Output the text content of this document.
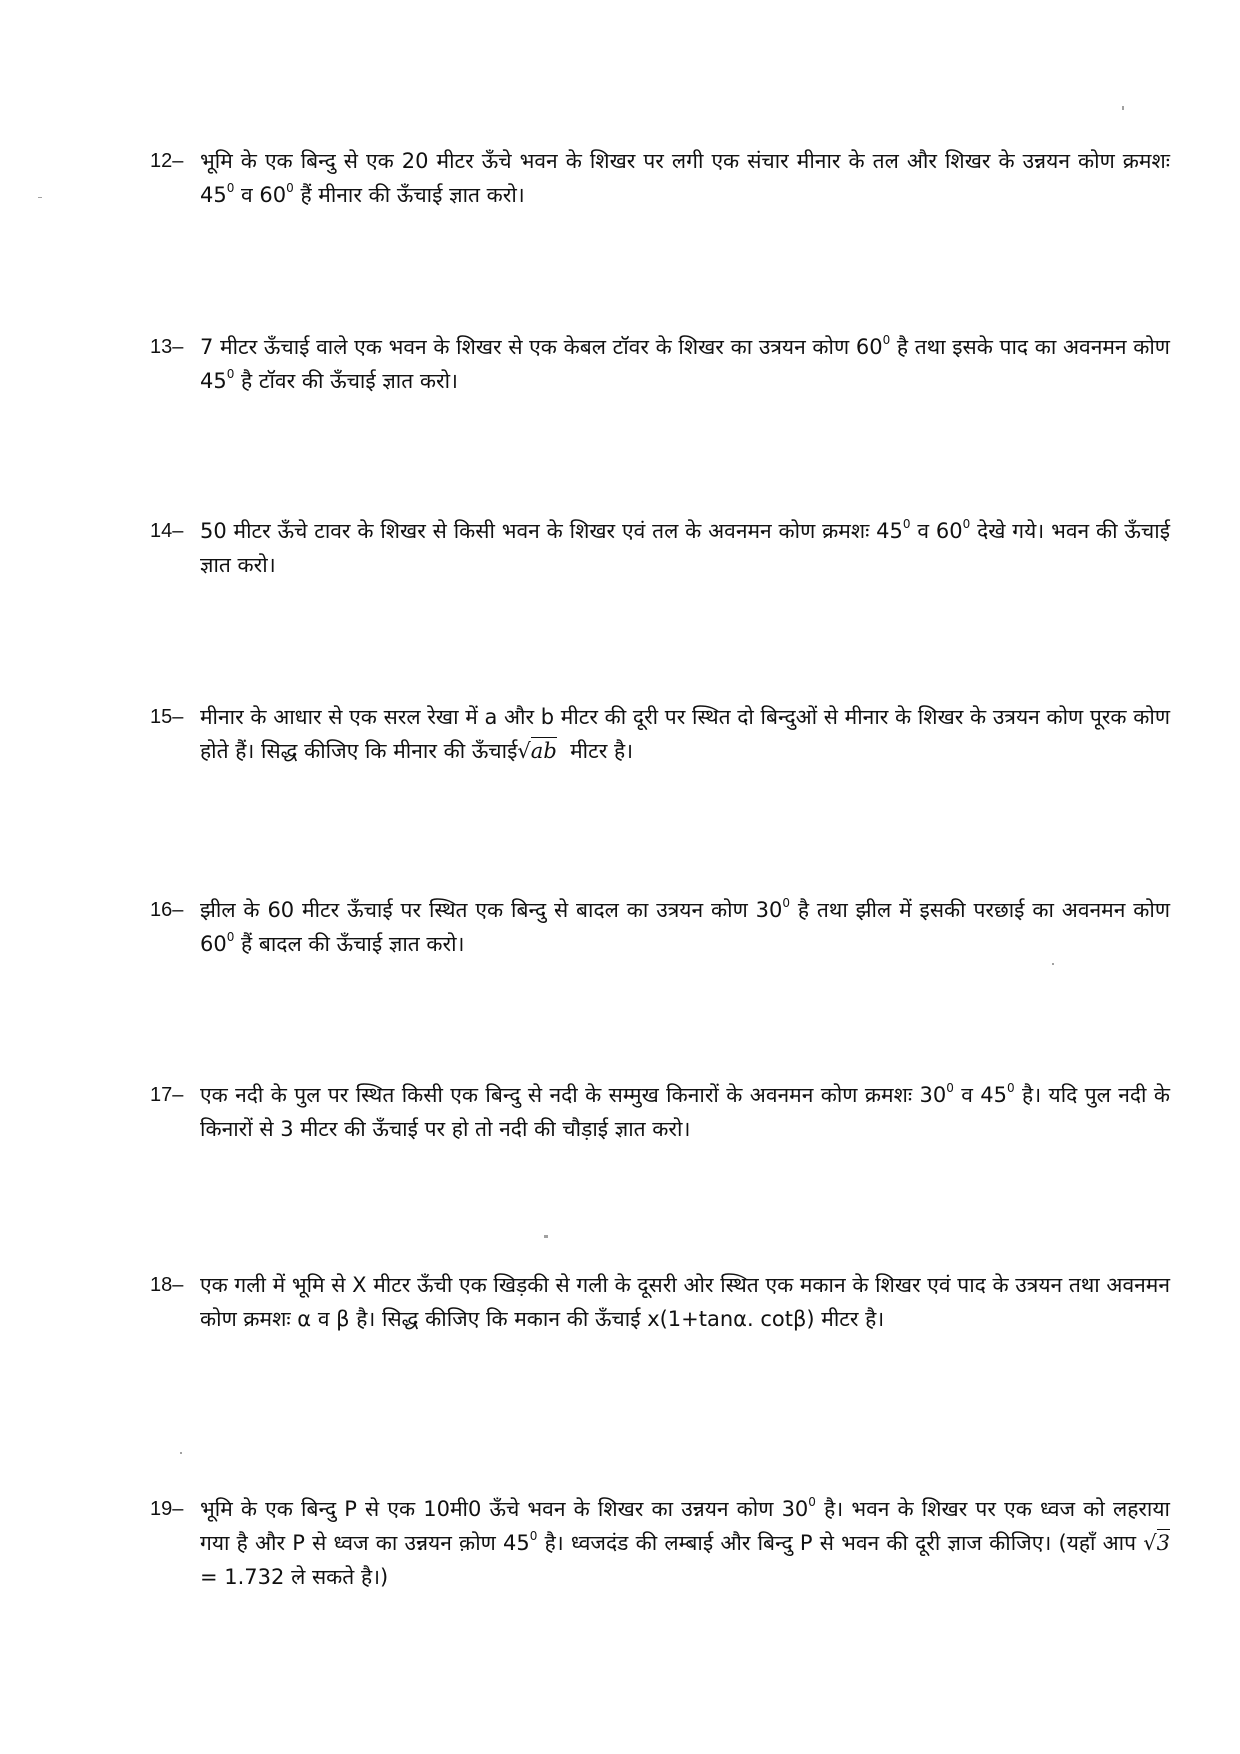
12– भूमि के एक बिन्दु से एक 20 मीटर ऊँचे भवन के शिखर पर लगी एक संचार मीनार के तल और शिखर के उन्नयन कोण क्रमशः $45^0$ व $60^0$ हैं मीनार की ऊँचाई ज्ञात करो।
13– 7 मीटर ऊँचाई वाले एक भवन के शिखर से एक केबल टॉवर के शिखर का उत्रयन कोण $60^0$ है तथा इसके पाद का अवनमन कोण $45^0$ है टॉवर की ऊँचाई ज्ञात करो।
14– 50 मीटर ऊँचे टावर के शिखर से किसी भवन के शिखर एवं तल के अवनमन कोण क्रमशः $45^0$ व $60^0$ देखे गये। भवन की ऊँचाई ज्ञात करो।
15– मीनार के आधार से एक सरल रेखा में a और b मीटर की दूरी पर स्थित दो बिन्दुओं से मीनार के शिखर के उत्रयन कोण पूरक कोण होते हैं। सिद्ध कीजिए कि मीनार की ऊँचाई√ab  मीटर है।
16– झील के 60 मीटर ऊँचाई पर स्थित एक बिन्दु से बादल का उत्रयन कोण $30^0$ है तथा झील में इसकी परछाई का अवनमन कोण $60^0$ हैं बादल की ऊँचाई ज्ञात करो।
17– एक नदी के पुल पर स्थित किसी एक बिन्दु से नदी के सम्मुख किनारों के अवनमन कोण क्रमशः $30^0$ व $45^0$ है। यदि पुल नदी के किनारों से 3 मीटर की ऊँचाई पर हो तो नदी की चौड़ाई ज्ञात करो।
18– एक गली में भूमि से X मीटर ऊँची एक खिड़की से गली के दूसरी ओर स्थित एक मकान के शिखर एवं पाद के उत्रयन तथा अवनमन कोण क्रमशः α व β है। सिद्ध कीजिए कि मकान की ऊँचाई x(1+tanα. cotβ) मीटर है।
19– भूमि के एक बिन्दु P से एक 10मी0 ऊँचे भवन के शिखर का उन्नयन कोण $30^0$ है। भवन के शिखर पर एक ध्वज को लहराया गया है और P से ध्वज का उन्नयन क़ोण $45^0$ है। ध्वजदंड की लम्बाई और बिन्दु P से भवन की दूरी ज्ञाज कीजिए। (यहाँ आप √3 = 1.732 ले सकते है।)
